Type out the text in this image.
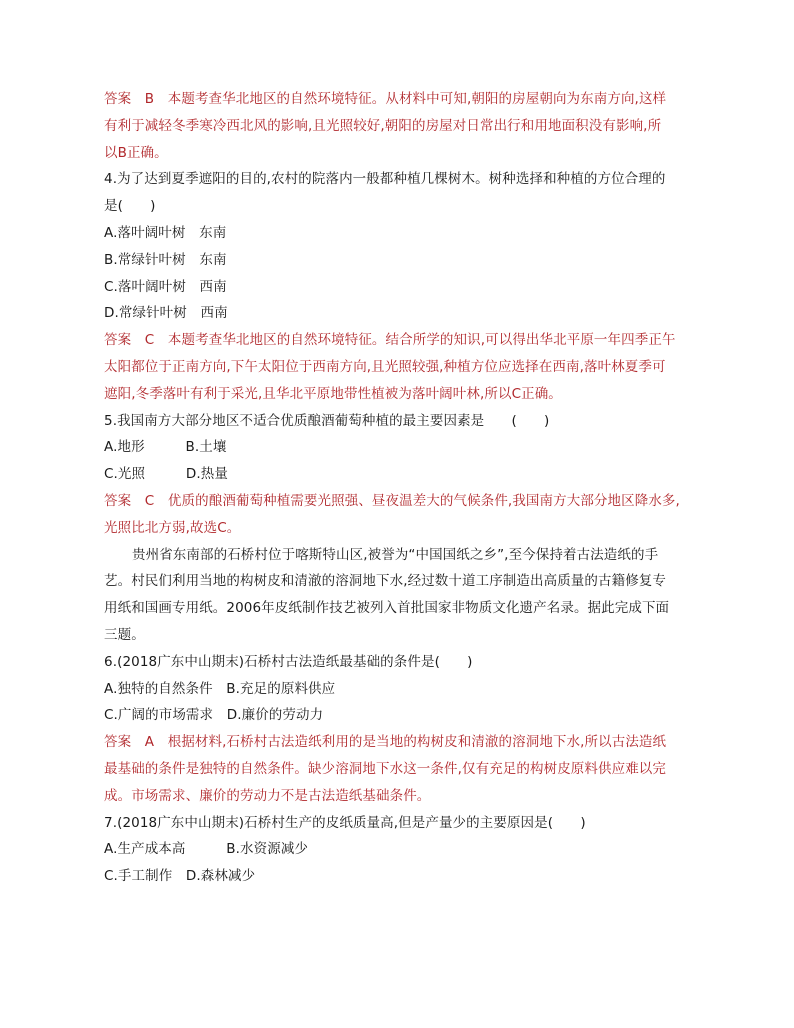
答案　B　本题考查华北地区的自然环境特征。从材料中可知,朝阳的房屋朝向为东南方向,这样
有利于减轻冬季寒冷西北风的影响,且光照较好,朝阳的房屋对日常出行和用地面积没有影响,所
以B正确。
4.为了达到夏季遮阳的目的,农村的院落内一般都种植几棵树木。树种选择和种植的方位合理的
是(　　)
A.落叶阔叶树　东南
B.常绿针叶树　东南
C.落叶阔叶树　西南
D.常绿针叶树　西南
答案　C　本题考查华北地区的自然环境特征。结合所学的知识,可以得出华北平原一年四季正午
太阳都位于正南方向,下午太阳位于西南方向,且光照较强,种植方位应选择在西南,落叶林夏季可
遮阳,冬季落叶有利于采光,且华北平原地带性植被为落叶阔叶林,所以C正确。
5.我国南方大部分地区不适合优质酿酒葡萄种植的最主要因素是　　(　　)
A.地形　　　B.土壤
C.光照　　　D.热量
答案　C　优质的酿酒葡萄种植需要光照强、昼夜温差大的气候条件,我国南方大部分地区降水多,
光照比北方弱,故选C。
贵州省东南部的石桥村位于喀斯特山区,被誉为“中国国纸之乡”,至今保持着古法造纸的手
艺。村民们利用当地的构树皮和清澈的溶洞地下水,经过数十道工序制造出高质量的古籍修复专
用纸和国画专用纸。2006年皮纸制作技艺被列入首批国家非物质文化遗产名录。据此完成下面
三题。
6.(2018广东中山期末)石桥村古法造纸最基础的条件是(　　)
A.独特的自然条件　B.充足的原料供应
C.广阔的市场需求　D.廉价的劳动力
答案　A　根据材料,石桥村古法造纸利用的是当地的构树皮和清澈的溶洞地下水,所以古法造纸
最基础的条件是独特的自然条件。缺少溶洞地下水这一条件,仅有充足的构树皮原料供应难以完
成。市场需求、廉价的劳动力不是古法造纸基础条件。
7.(2018广东中山期末)石桥村生产的皮纸质量高,但是产量少的主要原因是(　　)
A.生产成本高　　　B.水资源减少
C.手工制作　D.森林减少
